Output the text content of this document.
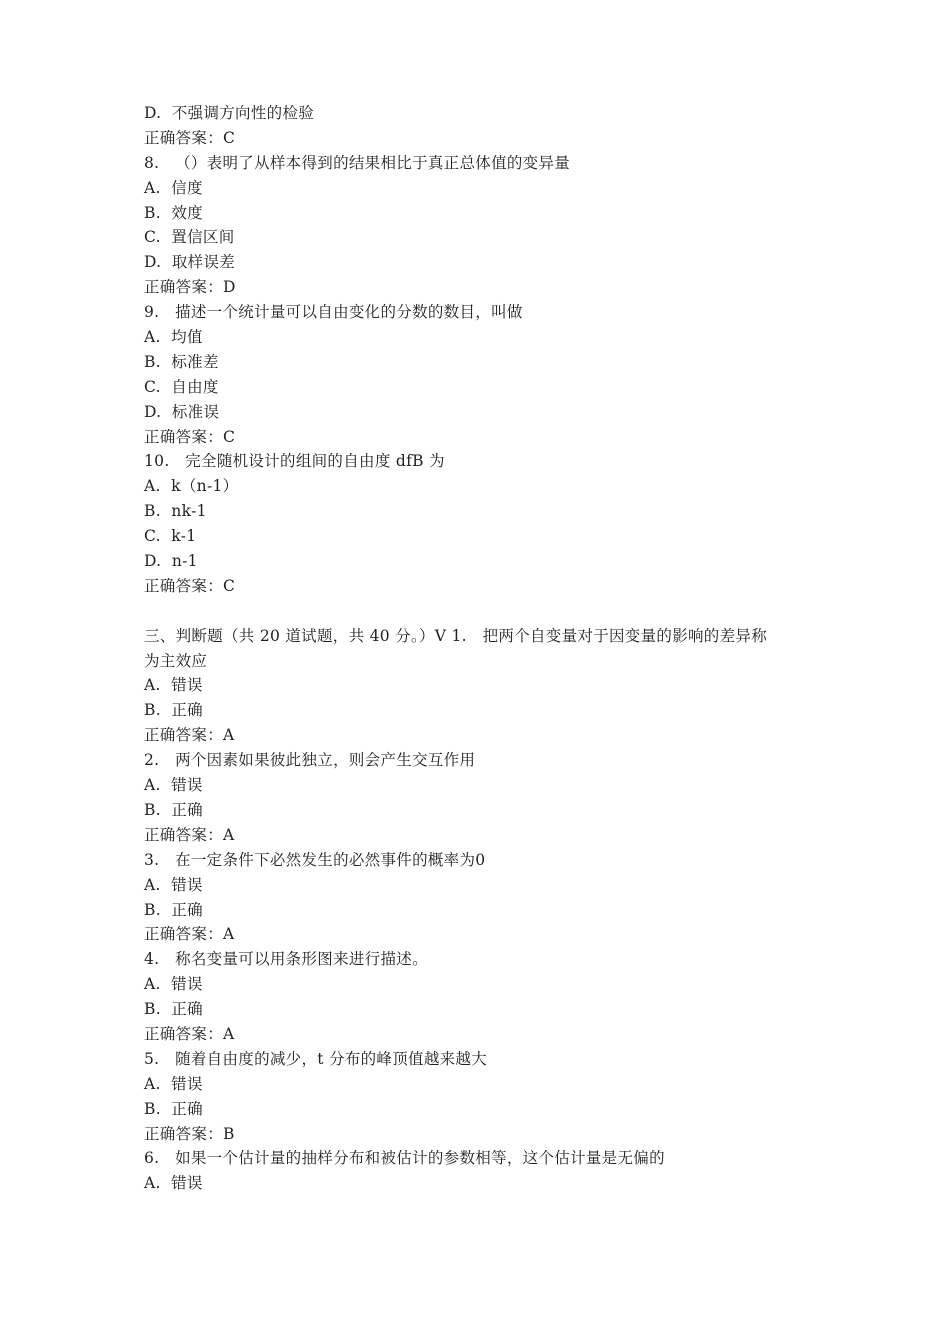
D.  不强调方向性的检验
正确答案：C
8.   （）表明了从样本得到的结果相比于真正总体值的变异量
A.  信度
B.  效度
C.  置信区间
D.  取样误差
正确答案：D
9.   描述一个统计量可以自由变化的分数的数目，叫做
A.  均值
B.  标准差
C.  自由度
D.  标准误
正确答案：C
10.   完全随机设计的组间的自由度 dfB 为
A.  k（n-1）
B.  nk-1
C.  k-1
D.  n-1
正确答案：C
三、判断题（共 20 道试题，共 40 分。）V 1.   把两个自变量对于因变量的影响的差异称
为主效应
A.  错误
B.  正确
正确答案：A
2.   两个因素如果彼此独立，则会产生交互作用
A.  错误
B.  正确
正确答案：A
3.   在一定条件下必然发生的必然事件的概率为0
A.  错误
B.  正确
正确答案：A
4.   称名变量可以用条形图来进行描述。
A.  错误
B.  正确
正确答案：A
5.   随着自由度的减少，t 分布的峰顶值越来越大
A.  错误
B.  正确
正确答案：B
6.   如果一个估计量的抽样分布和被估计的参数相等，这个估计量是无偏的
A.  错误
